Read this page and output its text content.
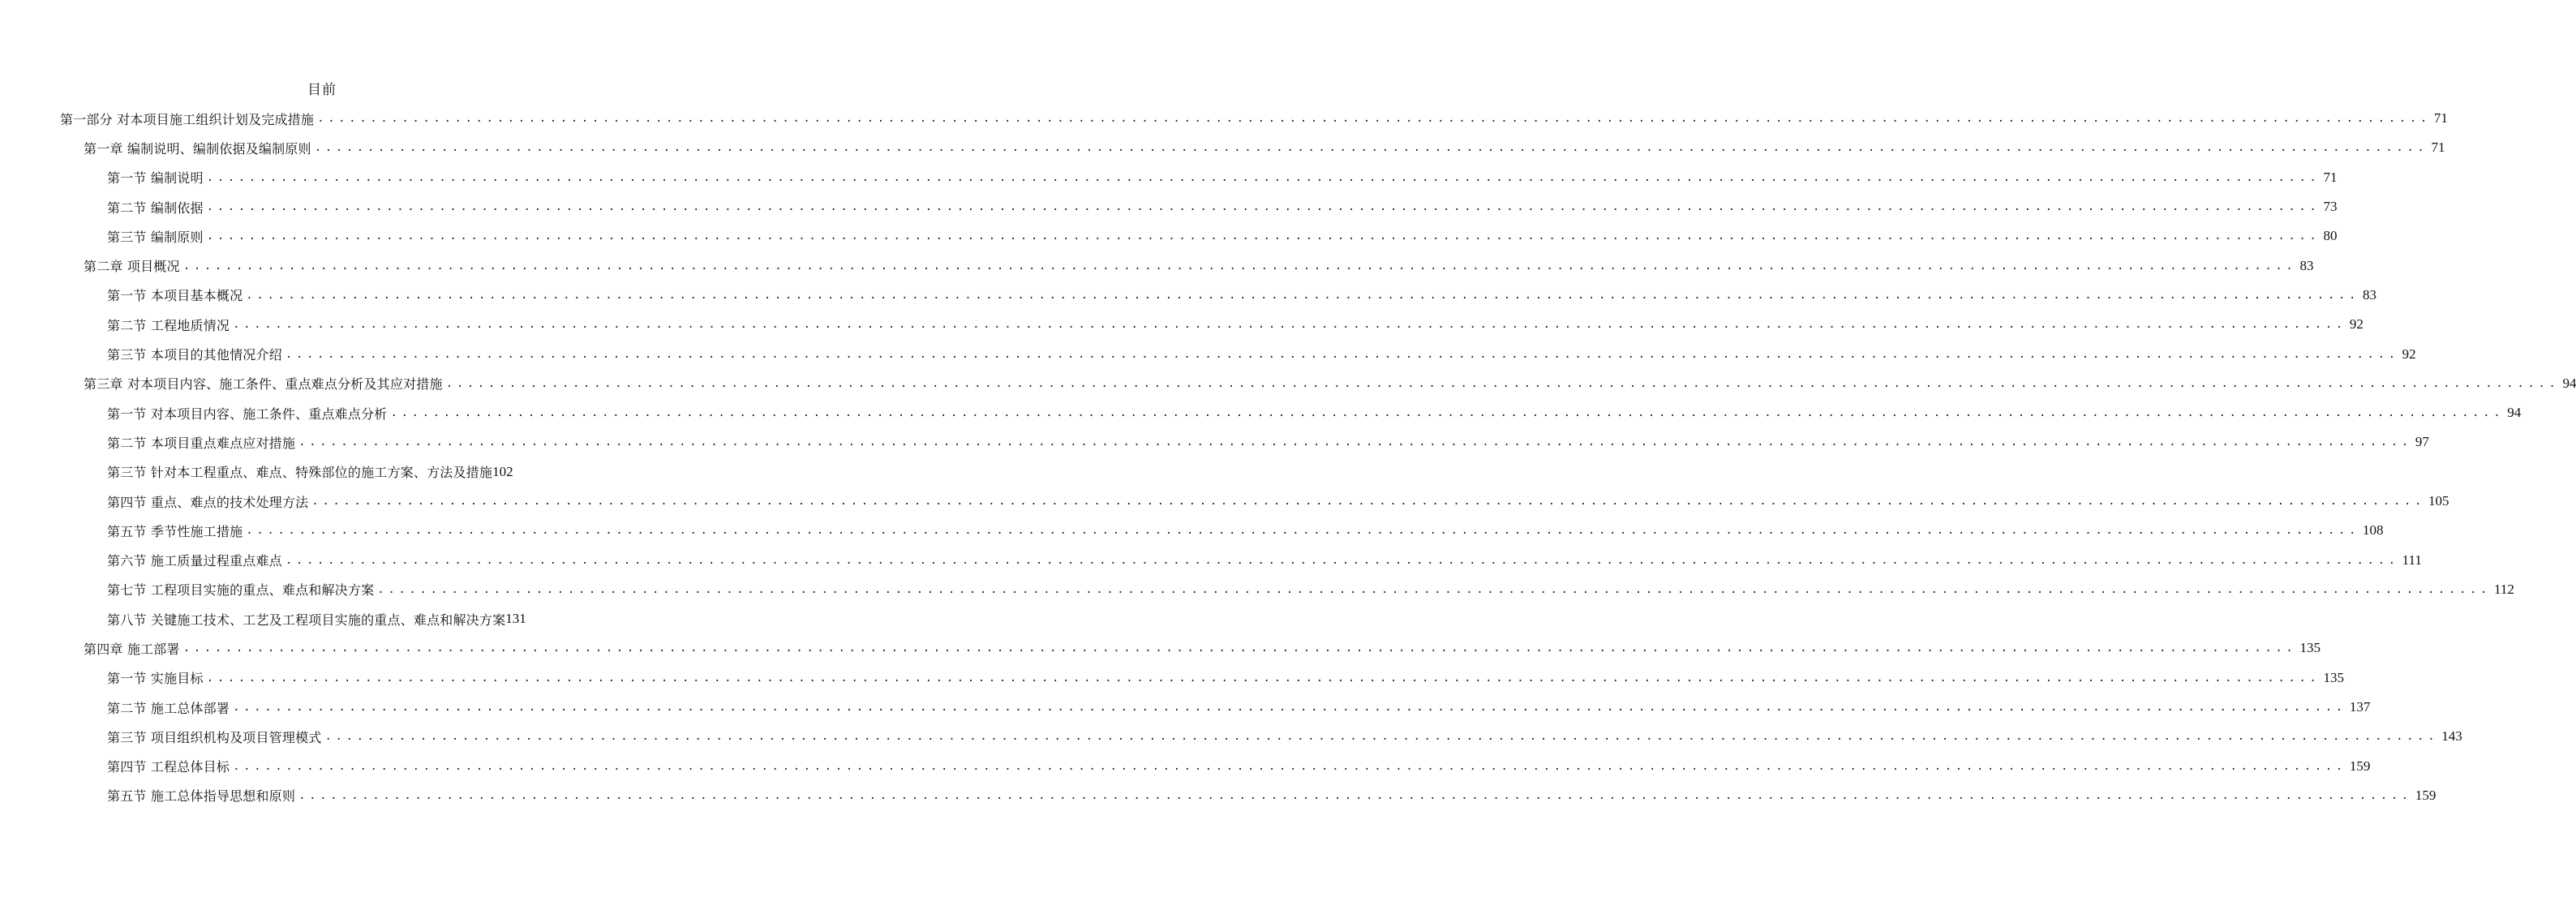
目前
第一部分 对本项目施工组织计划及完成措施 ........................................................................................................................................................................................................ 71
第一章 编制说明、编制依据及编制原则 ........................................................................................................................................................................................................ 71
第一节 编制说明 ........................................................................................................................................................................................................ 71
第二节 编制依据 ........................................................................................................................................................................................................ 73
第三节 编制原则 ........................................................................................................................................................................................................ 80
第二章 项目概况 ........................................................................................................................................................................................................ 83
第一节 本项目基本概况 ........................................................................................................................................................................................................ 83
第二节 工程地质情况 ........................................................................................................................................................................................................ 92
第三节 本项目的其他情况介绍 ........................................................................................................................................................................................................ 92
第三章 对本项目内容、施工条件、重点难点分析及其应对措施 ........................................................................................................................................................................................................ 94
第一节 对本项目内容、施工条件、重点难点分析 ........................................................................................................................................................................................................ 94
第二节 本项目重点难点应对措施 ........................................................................................................................................................................................................ 97
第三节 针对本工程重点、难点、特殊部位的施工方案、方法及措施 102
第四节 重点、难点的技术处理方法 ........................................................................................................................................................................................................ 105
第五节 季节性施工措施 ........................................................................................................................................................................................................ 108
第六节 施工质量过程重点难点 ........................................................................................................................................................................................................ 111
第七节 工程项目实施的重点、难点和解决方案 ........................................................................................................................................................................................................ 112
第八节 关键施工技术、工艺及工程项目实施的重点、难点和解决方案 131
第四章 施工部署 ........................................................................................................................................................................................................ 135
第一节 实施目标 ........................................................................................................................................................................................................ 135
第二节 施工总体部署 ........................................................................................................................................................................................................ 137
第三节 项目组织机构及项目管理模式 ........................................................................................................................................................................................................ 143
第四节 工程总体目标 ........................................................................................................................................................................................................ 159
第五节 施工总体指导思想和原则 ........................................................................................................................................................................................................ 159
